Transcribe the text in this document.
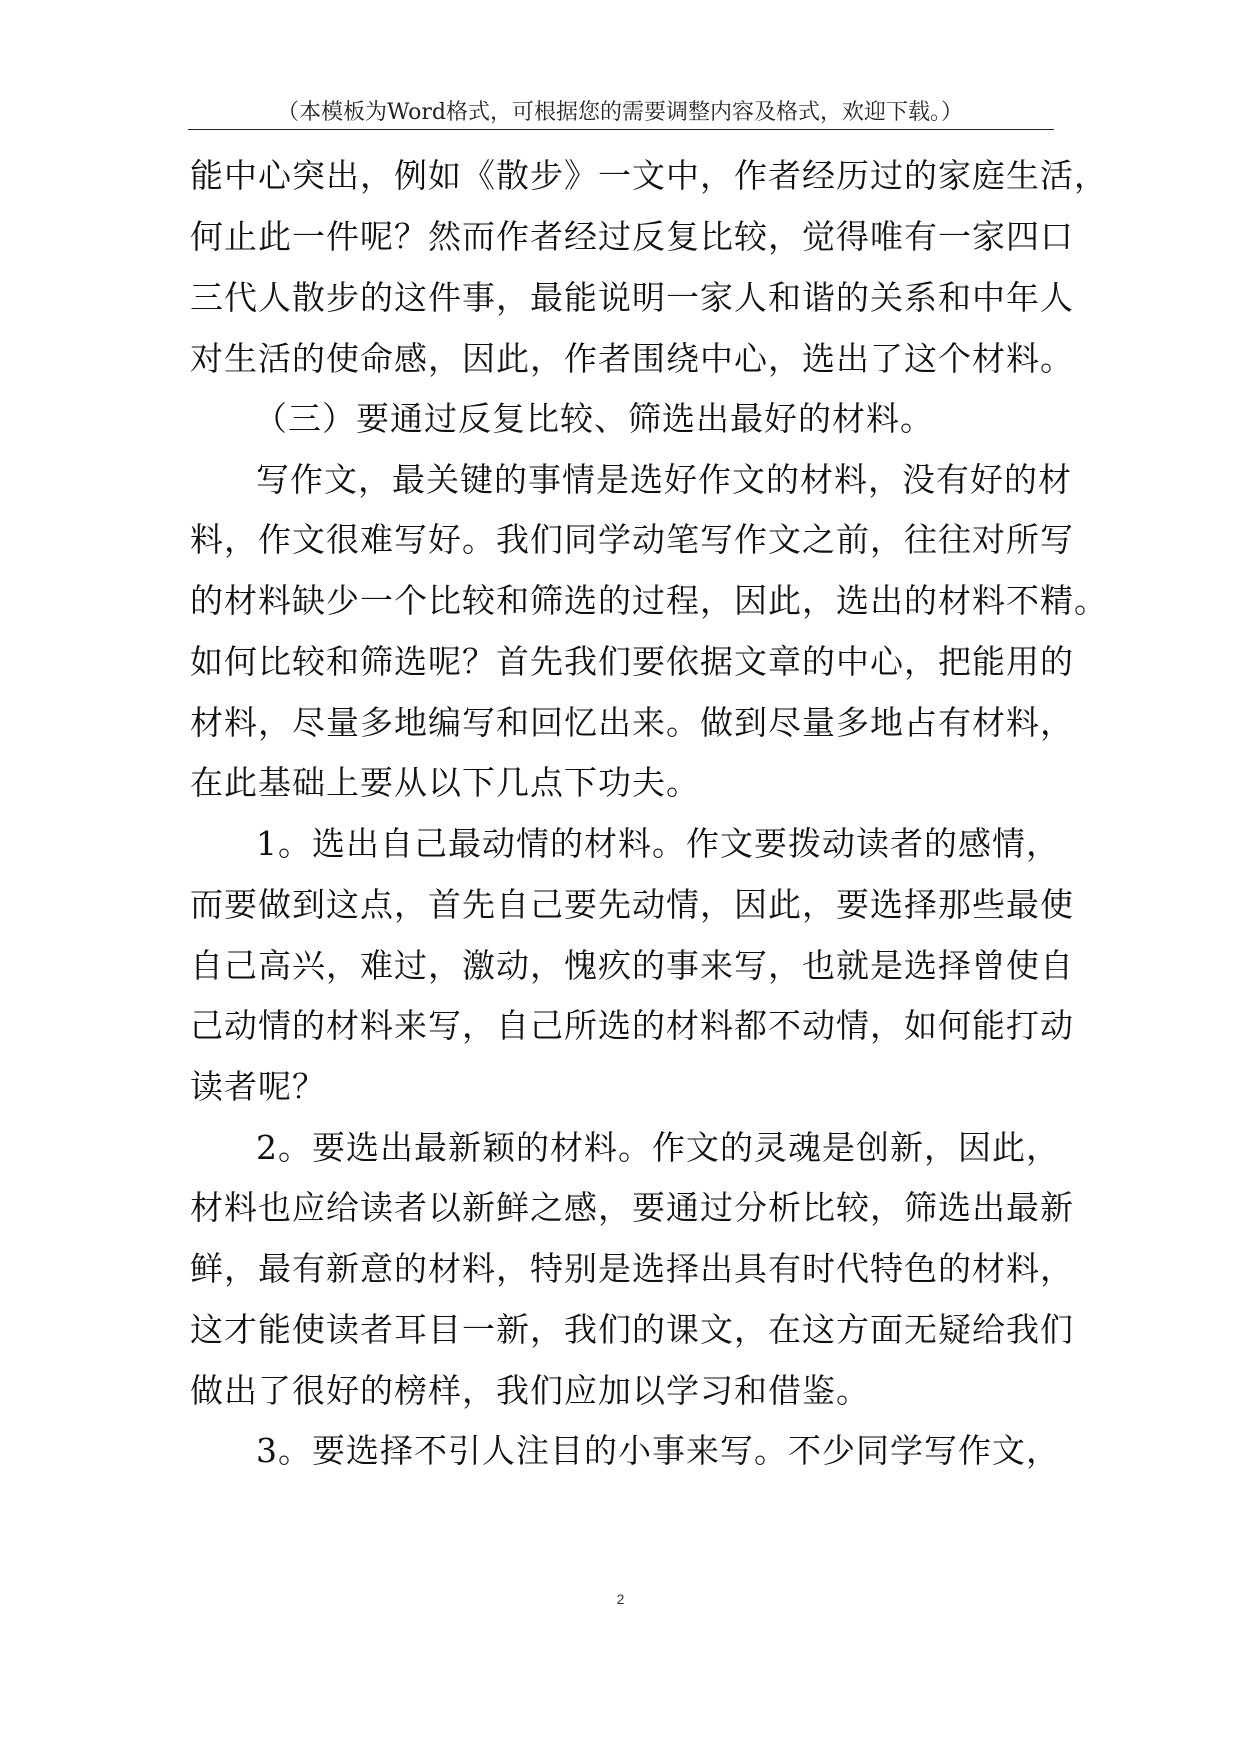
（本模板为Word格式，可根据您的需要调整内容及格式，欢迎下载。）
能中心突出，例如《散步》一文中，作者经历过的家庭生活，
何止此一件呢？然而作者经过反复比较，觉得唯有一家四口
三代人散步的这件事，最能说明一家人和谐的关系和中年人
对生活的使命感，因此，作者围绕中心，选出了这个材料。
（三）要通过反复比较、筛选出最好的材料。
写作文，最关键的事情是选好作文的材料，没有好的材
料，作文很难写好。我们同学动笔写作文之前，往往对所写
的材料缺少一个比较和筛选的过程，因此，选出的材料不精。
如何比较和筛选呢？首先我们要依据文章的中心，把能用的
材料，尽量多地编写和回忆出来。做到尽量多地占有材料，
在此基础上要从以下几点下功夫。
1。选出自己最动情的材料。作文要拨动读者的感情，
而要做到这点，首先自己要先动情，因此，要选择那些最使
自己高兴，难过，激动，愧疚的事来写，也就是选择曾使自
己动情的材料来写，自己所选的材料都不动情，如何能打动
读者呢？
2。要选出最新颖的材料。作文的灵魂是创新，因此，
材料也应给读者以新鲜之感，要通过分析比较，筛选出最新
鲜，最有新意的材料，特别是选择出具有时代特色的材料，
这才能使读者耳目一新，我们的课文，在这方面无疑给我们
做出了很好的榜样，我们应加以学习和借鉴。
3。要选择不引人注目的小事来写。不少同学写作文，
2
